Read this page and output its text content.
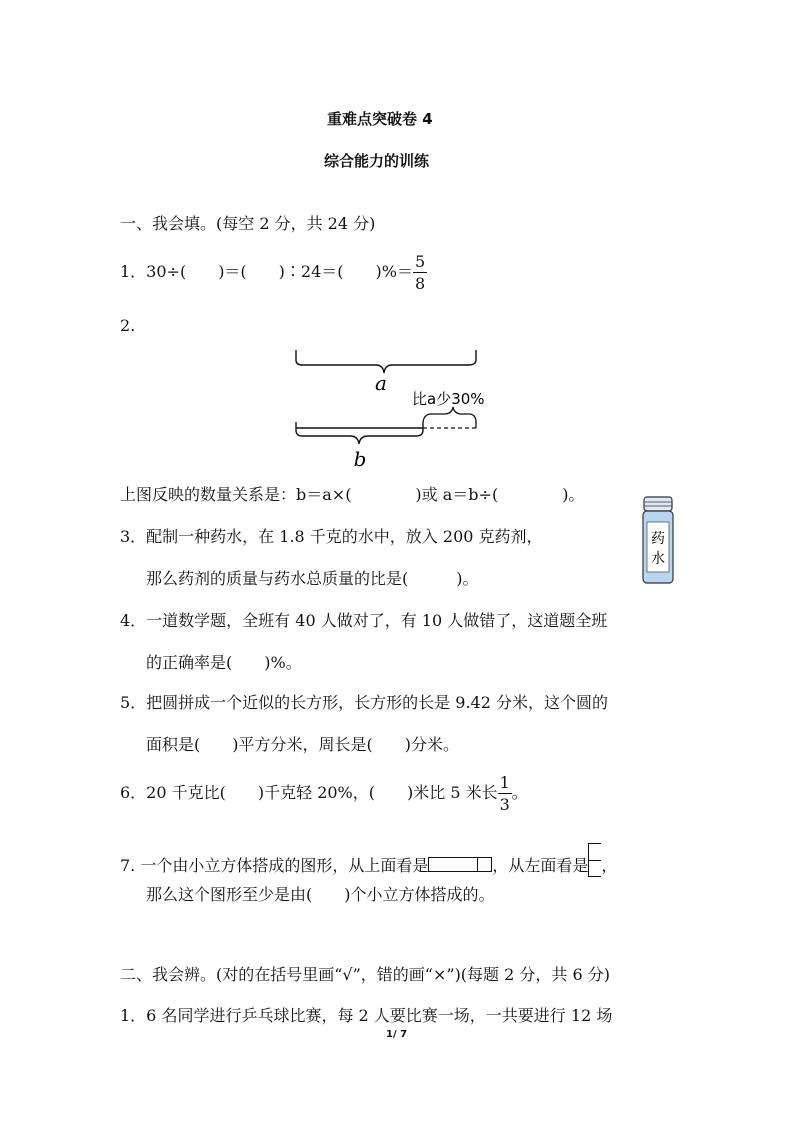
重难点突破卷 4
综合能力的训练
一、我会填。(每空 2 分，共 24 分)
1．30÷(　　)＝(　　)∶24＝(　　)%＝ $\frac{5}{8}$
2.
a
比a少30%
b
上图反映的数量关系是：b＝a×(　　　　)或 a＝b÷(　　　　)。
3．配制一种药水，在 1.8 千克的水中，放入 200 克药剂，
那么药剂的质量与药水总质量的比是(　　　)。
药
水
4．一道数学题，全班有 40 人做对了，有 10 人做错了，这道题全班
的正确率是(　　)%。
5．把圆拼成一个近似的长方形，长方形的长是 9.42 分米，这个圆的
面积是(　　)平方分米，周长是(　　)分米。
6．20 千克比(　　)千克轻 20%，(　　)米比 5 米长 $\frac{1}{3}$ 。
7. 一个由小立方体搭成的图形，从上面看是	，从左面看是 ，
那么这个图形至少是由(　　)个小立方体搭成的。
二、我会辨。(对的在括号里画“√”，错的画“×”)(每题 2 分，共 6 分)
1．6 名同学进行乒乓球比赛，每 2 人要比赛一场，一共要进行 12 场
1/ 7
